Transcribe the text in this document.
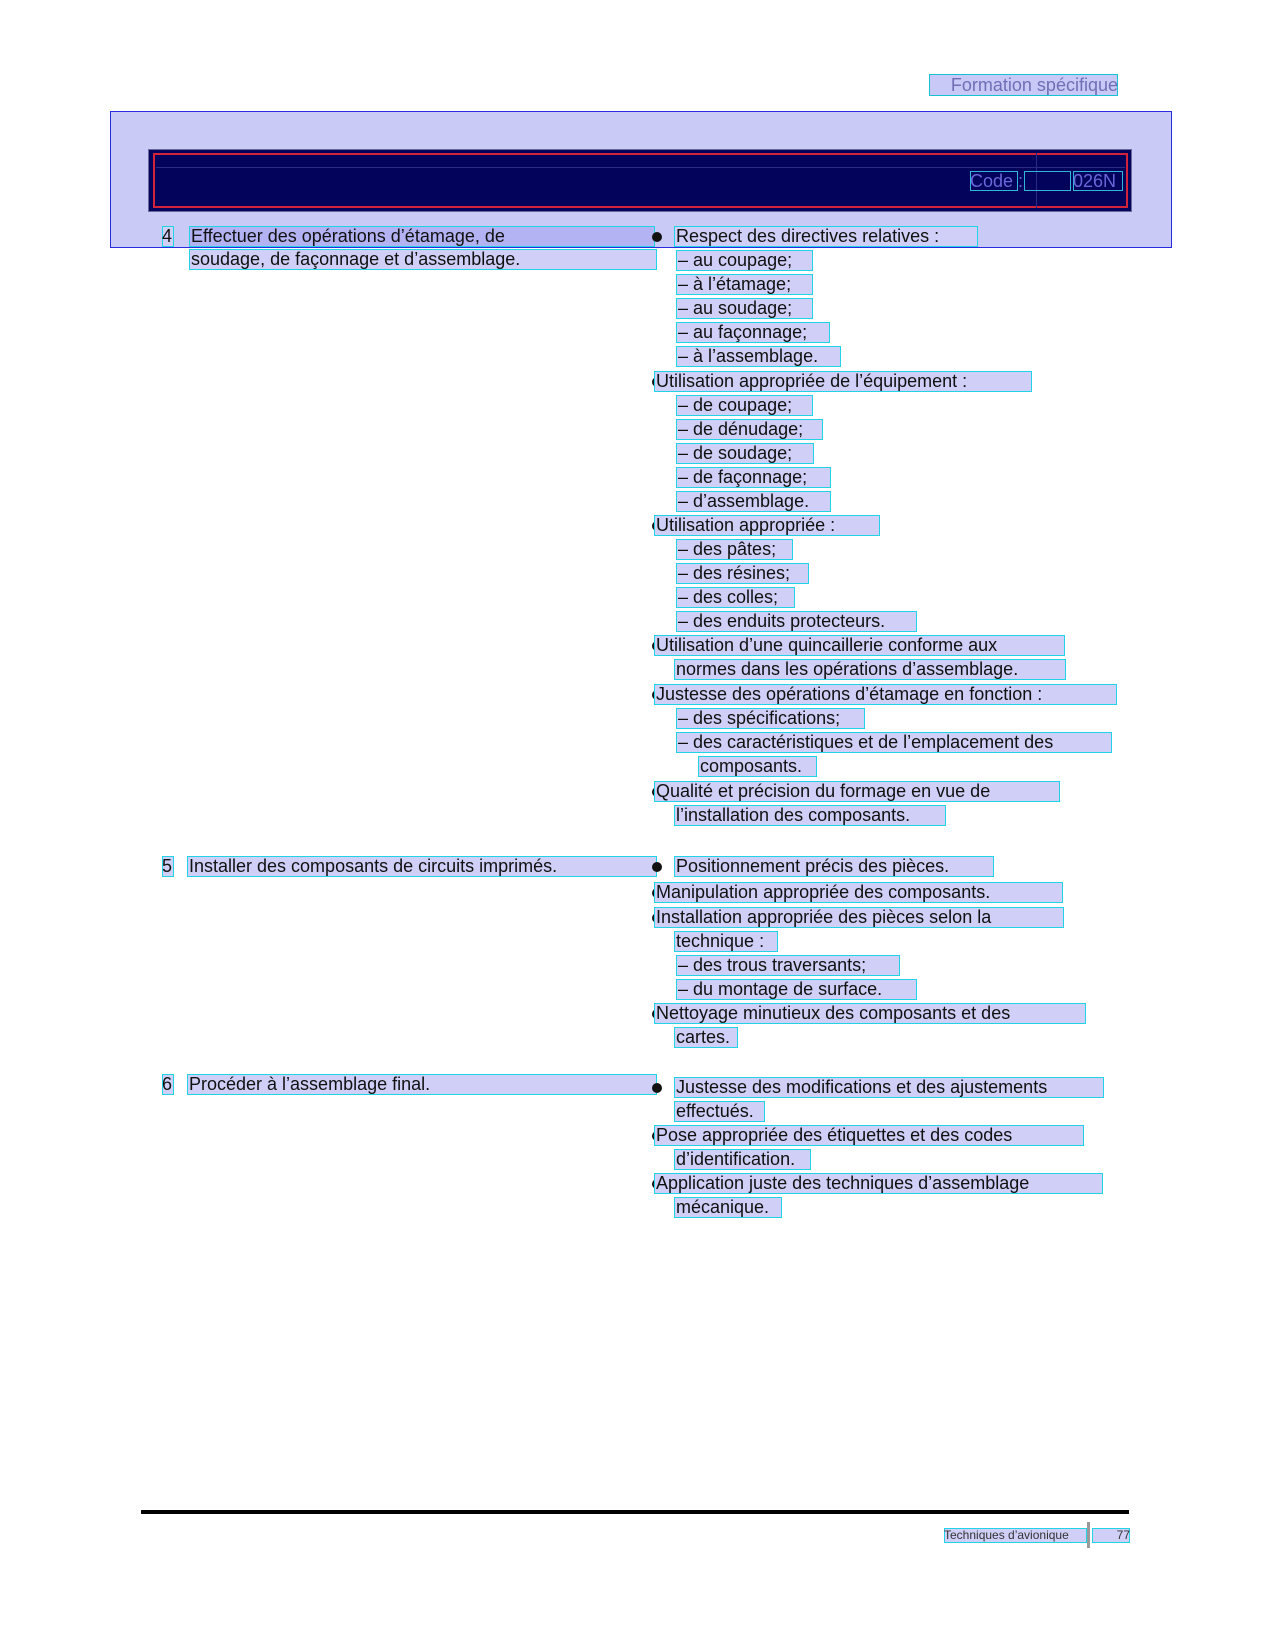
Formation spécifique
Code :	026N
4 Effectuer des opérations d’étamage, de
soudage, de façonnage et d’assemblage.
Respect des directives relatives :
– au coupage;
– à l’étamage;
– au soudage;
– au façonnage;
– à l’assemblage.
Utilisation appropriée de l’équipement :
– de coupage;
– de dénudage;
– de soudage;
– de façonnage;
– d’assemblage.
Utilisation appropriée :
– des pâtes;
– des résines;
– des colles;
– des enduits protecteurs.
Utilisation d’une quincaillerie conforme aux
normes dans les opérations d’assemblage.
Justesse des opérations d’étamage en fonction :
– des spécifications;
– des caractéristiques et de l’emplacement des
composants.
Qualité et précision du formage en vue de
l’installation des composants.
5 Installer des composants de circuits imprimés.	Positionnement précis des pièces.
Manipulation appropriée des composants.
Installation appropriée des pièces selon la
technique :
– des trous traversants;
– du montage de surface.
Nettoyage minutieux des composants et des
cartes.
6 Procéder à l’assemblage final.	Justesse des modifications et des ajustements
effectués.
Pose appropriée des étiquettes et des codes
d’identification.
Application juste des techniques d’assemblage
mécanique.
Techniques d’avionique	77
